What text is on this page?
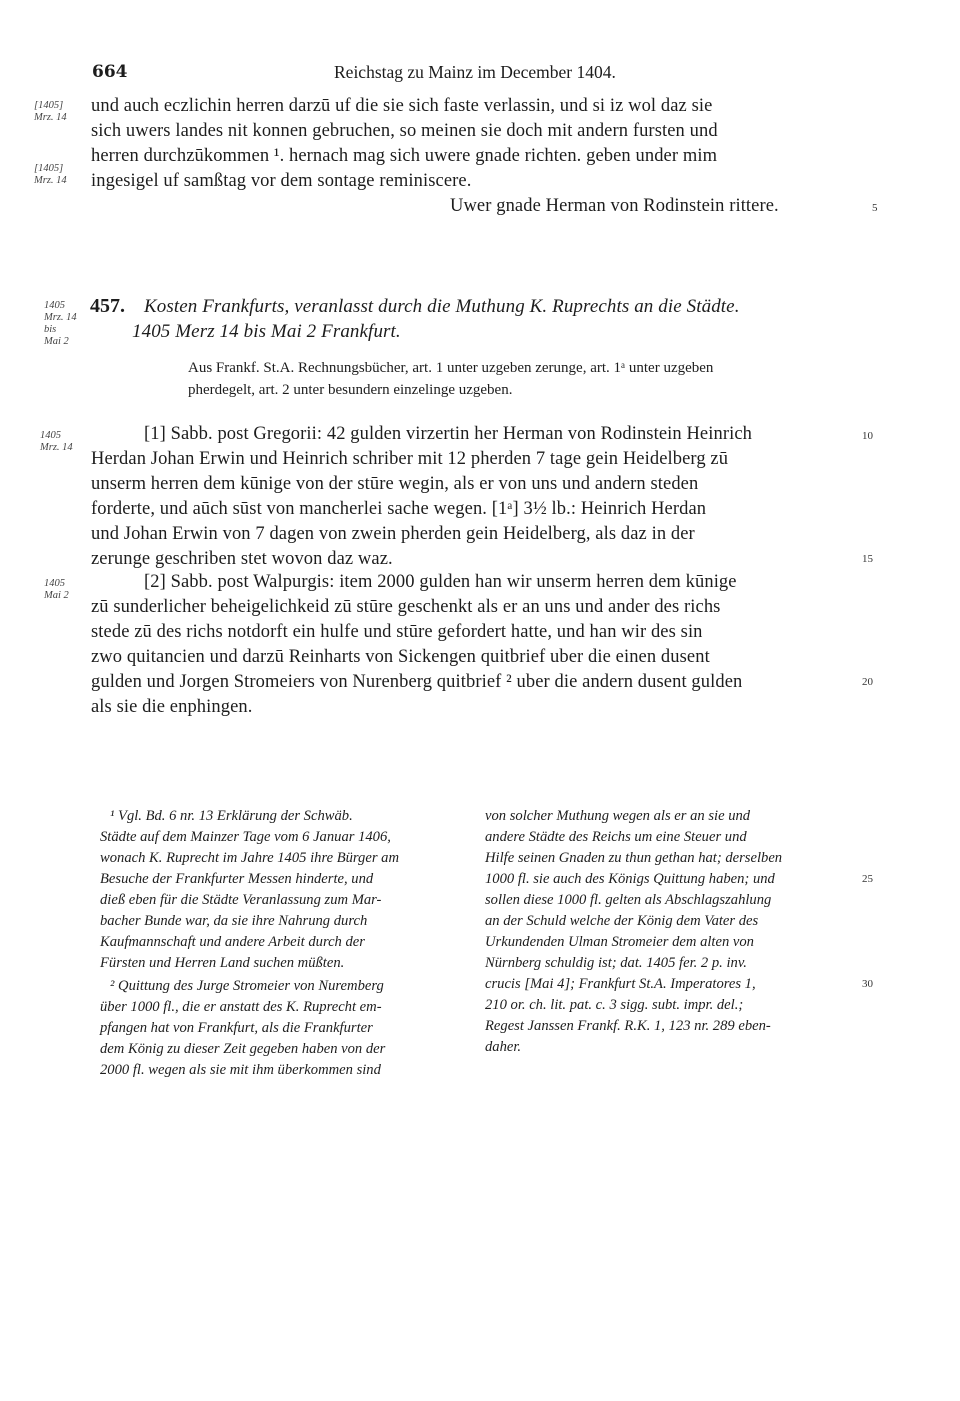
664	Reichstag zu Mainz im December 1404.
[1405]
Mrz. 14
und auch eczlichin herren darzū uf die sie sich faste verlassin, und si iz wol daz sie
sich uwers landes nit konnen gebruchen, so meinen sie doch mit andern fursten und
herren durchzūkommen ¹. hernach mag sich uwere gnade richten. geben under mim
[1405]
Mrz. 14 ingesigel uf samßtag vor dem sontage reminiscere.
Uwer gnade Herman von Rodinstein rittere.	5
1405
Mrz. 14
bis
Mai 2
457. Kosten Frankfurts, veranlasst durch die Muthung K. Ruprechts an die Städte.
1405 Merz 14 bis Mai 2 Frankfurt.
Aus Frankf. St.A. Rechnungsbücher, art. 1 unter uzgeben zerunge, art. 1ᵃ unter uzgeben
pherdegelt, art. 2 unter besundern einzelinge uzgeben.
1405
Mrz. 14
[1] Sabb. post Gregorii: 42 gulden virzertin her Herman von Rodinstein Heinrich	10
Herdan Johan Erwin und Heinrich schriber mit 12 pherden 7 tage gein Heidelberg zū
unserm herren dem kūnige von der stūre wegin, als er von uns und andern steden
forderte, und aūch sūst von mancherlei sache wegen. [1ᵃ] 3½ lb.: Heinrich Herdan
und Johan Erwin von 7 dagen von zwein pherden gein Heidelberg, als daz in der
zerunge geschriben stet wovon daz waz.	15
1405
Mai 2
[2] Sabb. post Walpurgis: item 2000 gulden han wir unserm herren dem kūnige
zū sunderlicher beheigelichkeid zū stūre geschenkt als er an uns und ander des richs
stede zū des richs notdorft ein hulfe und stūre gefordert hatte, und han wir des sin
zwo quitancien und darzū Reinharts von Sickengen quitbrief uber die einen dusent
gulden und Jorgen Stromeiers von Nurenberg quitbrief ² uber die andern dusent gulden	20
als sie die enphingen.
¹ Vgl. Bd. 6 nr. 13 Erklärung der Schwäb.
Städte auf dem Mainzer Tage vom 6 Januar 1406,
wonach K. Ruprecht im Jahre 1405 ihre Bürger am
Besuche der Frankfurter Messen hinderte, und
dieß eben für die Städte Veranlassung zum Mar-
bacher Bunde war, da sie ihre Nahrung durch
Kaufmannschaft und andere Arbeit durch der
Fürsten und Herren Land suchen müßten.
² Quittung des Jurge Stromeier von Nuremberg
über 1000 fl., die er anstatt des K. Ruprecht em-
pfangen hat von Frankfurt, als die Frankfurter
dem König zu dieser Zeit gegeben haben von der
2000 fl. wegen als sie mit ihm überkommen sind
von solcher Muthung wegen als er an sie und
andere Städte des Reichs um eine Steuer und
Hilfe seinen Gnaden zu thun gethan hat; derselben
1000 fl. sie auch des Königs Quittung haben; und
sollen diese 1000 fl. gelten als Abschlagszahlung
an der Schuld welche der König dem Vater des
Urkundenden Ulman Stromeier dem alten von
Nürnberg schuldig ist; dat. 1405 fer. 2 p. inv.
crucis [Mai 4]; Frankfurt St.A. Imperatores 1,
210 or. ch. lit. pat. c. 3 sigg. subt. impr. del.;
Regest Janssen Frankf. R.K. 1, 123 nr. 289 eben-
daher.
25
30
